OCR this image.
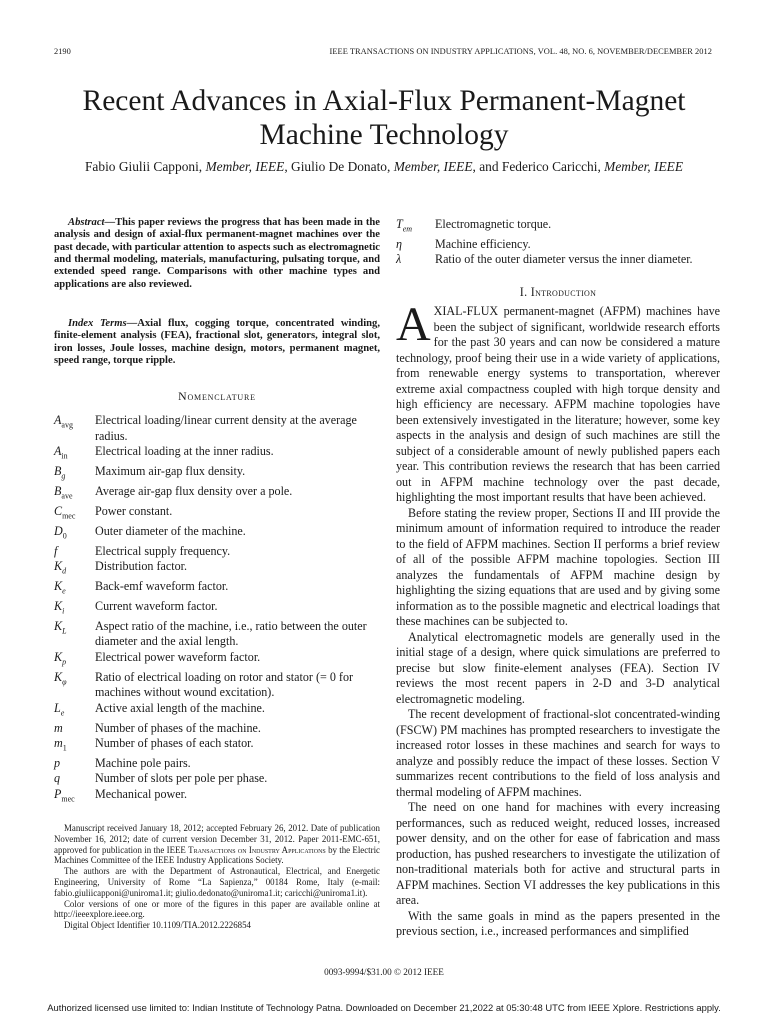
2190	IEEE TRANSACTIONS ON INDUSTRY APPLICATIONS, VOL. 48, NO. 6, NOVEMBER/DECEMBER 2012
Recent Advances in Axial-Flux Permanent-Magnet
Machine Technology
Fabio Giulii Capponi, Member, IEEE, Giulio De Donato, Member, IEEE, and Federico Caricchi, Member, IEEE

Abstract—This paper reviews the progress that has been made in the analysis and design of axial-flux permanent-magnet machines over the past decade, with particular attention to aspects such as electromagnetic and thermal modeling, materials, manufacturing, pulsating torque, and extended speed range. Comparisons with other machine types and applications are also reviewed.

Index Terms—Axial flux, cogging torque, concentrated winding, finite-element analysis (FEA), fractional slot, generators, integral slot, iron losses, Joule losses, machine design, motors, permanent magnet, speed range, torque ripple.

Nomenclature
$A_{avg}$	Electrical loading/linear current density at the average radius.
$A_{in}$	Electrical loading at the inner radius.
$B_g$	Maximum air-gap flux density.
$B_{ave}$	Average air-gap flux density over a pole.
$C_{mec}$	Power constant.
$D_0$	Outer diameter of the machine.
f	Electrical supply frequency.
$K_d$	Distribution factor.
$K_e$	Back-emf waveform factor.
$K_i$	Current waveform factor.
$K_L$	Aspect ratio of the machine, i.e., ratio between the outer diameter and the axial length.
$K_p$	Electrical power waveform factor.
$K_\varphi$	Ratio of electrical loading on rotor and stator (= 0 for machines without wound excitation).
$L_e$	Active axial length of the machine.
m	Number of phases of the machine.
$m_1$	Number of phases of each stator.
p	Machine pole pairs.
q	Number of slots per pole per phase.
$P_{mec}$	Mechanical power.

Manuscript received January 18, 2012; accepted February 26, 2012. Date of publication November 16, 2012; date of current version December 31, 2012. Paper 2011-EMC-651, approved for publication in the IEEE Transactions on Industry Applications by the Electric Machines Committee of the IEEE Industry Applications Society.

The authors are with the Department of Astronautical, Electrical, and Energetic Engineering, University of Rome “La Sapienza,” 00184 Rome, Italy (e-mail: fabio.giuliicapponi@uniroma1.it; giulio.dedonato@uniroma1.it; caricchi@uniroma1.it).

Color versions of one or more of the figures in this paper are available online at http://ieeexplore.ieee.org.

Digital Object Identifier 10.1109/TIA.2012.2226854

$T_{em}$	Electromagnetic torque.
η	Machine efficiency.
λ	Ratio of the outer diameter versus the inner diameter.
I. Introduction

AXIAL-FLUX permanent-magnet (AFPM) machines have been the subject of significant, worldwide research efforts for the past 30 years and can now be considered a mature technology, proof being their use in a wide variety of applications, from renewable energy systems to transportation, wherever extreme axial compactness coupled with high torque density and high efficiency are necessary. AFPM machine topologies have been extensively investigated in the literature; however, some key aspects in the analysis and design of such machines are still the subject of a considerable amount of newly published papers each year. This contribution reviews the research that has been carried out in AFPM machine technology over the past decade, highlighting the most important results that have been achieved.

Before stating the review proper, Sections II and III provide the minimum amount of information required to introduce the reader to the field of AFPM machines. Section II performs a brief review of all of the possible AFPM machine topologies. Section III analyzes the fundamentals of AFPM machine design by highlighting the sizing equations that are used and by giving some information as to the possible magnetic and electrical loadings that these machines can be subjected to.

Analytical electromagnetic models are generally used in the initial stage of a design, where quick simulations are preferred to precise but slow finite-element analyses (FEA). Section IV reviews the most recent papers in 2-D and 3-D analytical electromagnetic modeling.

The recent development of fractional-slot concentrated-winding (FSCW) PM machines has prompted researchers to investigate the increased rotor losses in these machines and search for ways to analyze and possibly reduce the impact of these losses. Section V summarizes recent contributions to the field of loss analysis and thermal modeling of AFPM machines.

The need on one hand for machines with every increasing performances, such as reduced weight, reduced losses, increased power density, and on the other for ease of fabrication and mass production, has pushed researchers to investigate the utilization of non-traditional materials both for active and structural parts in AFPM machines. Section VI addresses the key publications in this area.

With the same goals in mind as the papers presented in the previous section, i.e., increased performances and simplified

0093-9994/$31.00 © 2012 IEEE
Authorized licensed use limited to: Indian Institute of Technology Patna. Downloaded on December 21,2022 at 05:30:48 UTC from IEEE Xplore. Restrictions apply.
